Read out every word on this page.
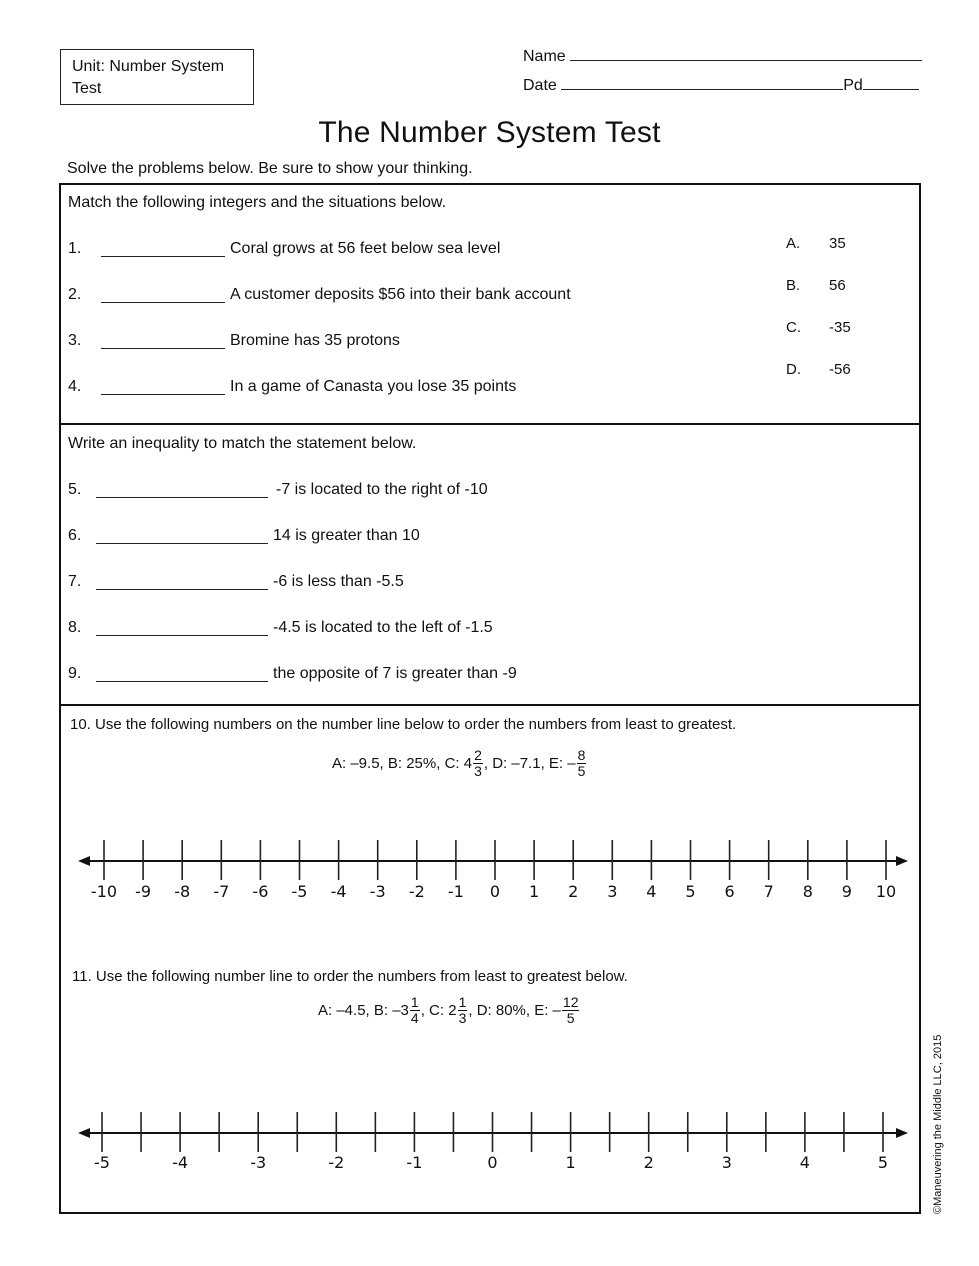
Unit: Number System
Test
Name
Date	Pd
The Number System Test
Solve the problems below. Be sure to show your thinking.
Match the following integers and the situations below.
1.	Coral grows at 56 feet below sea level
2.	A customer deposits $56 into their bank account
3.	Bromine has 35 protons
4.	In a game of Canasta you lose 35 points
A. 35
B. 56
C. -35
D. -56
Write an inequality to match the statement below.
5.	-7 is located to the right of -10
6.	14 is greater than 10
7.	-6 is less than -5.5
8.	-4.5 is located to the left of -1.5
9.	the opposite of 7 is greater than -9
10. Use the following numbers on the number line below to order the numbers from least to greatest.
A: –9.5, B: 25%, C: $4 \frac{2}{3}$ , D: –7.1, E: – $\frac{8}{5}$
-10 -9 -8 -7 -6 -5 -4 -3 -2 -1 0 1 2 3 4 5 6 7 8 9 10
11. Use the following number line to order the numbers from least to greatest below.
A: –4.5, B: $-3 \frac{1}{4}$ , C: $2 \frac{1}{3}$ , D: 80%, E: – $\frac{12}{5}$
-5	-4	-3	-2	-1	0	1	2	3	4	5	©Maneuvering the Middle LLC, 2015
